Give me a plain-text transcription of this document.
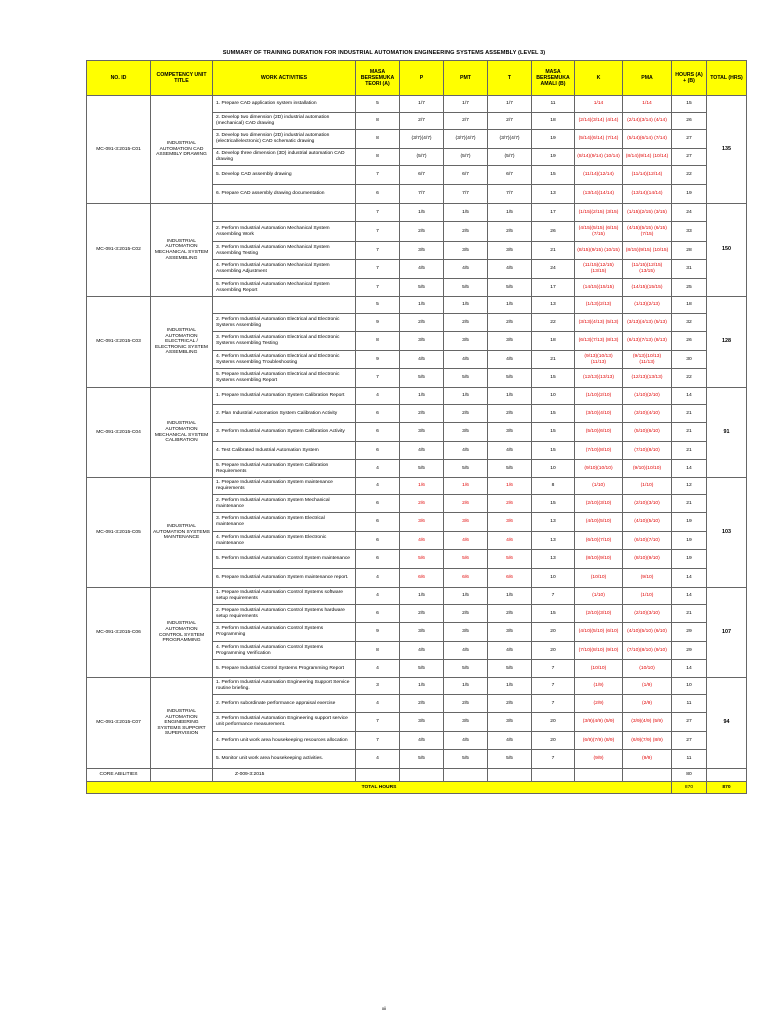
SUMMARY OF TRAINING DURATION FOR INDUSTRIAL AUTOMATION ENGINEERING SYSTEMS ASSEMBLY (LEVEL 3)
NO. ID	COMPETENCY UNIT TITLE	WORK ACTIVITIES	MASA BERSEMUKA TEORI (A)	P	PMT	T	MASA BERSEMUKA AMALI (B)	K	PMA	HOURS (A) + (B)	TOTAL (HRS)
MC-091-3:2015-C01	INDUSTRIAL AUTOMATION CAD ASSEMBLY DRAWING	1. Prepare CAD application system installation	5	1/7	1/7	1/7	11	1/14	1/14	15	135
		2. Develop two dimension (2D) industrial automation (mechanical) CAD drawing	8	2/7	2/7	2/7	18	(2/14)(3/14) (4/14)	(2/14)(3/14) (4/14)	26	
		3. Develop two dimension (2D) industrial automation (electrical/electronic) CAD schematic drawing	8	(3/7)(4/7)	(3/7)(4/7)	(3/7)(4/7)	19	(5/14)(6/14) (7/14)	(5/14)(6/14) (7/14)	27	
		4. Develop three dimension (3D) industrial automation CAD drawing	8	(5/7)	(5/7)	(5/7)	19	(8/14)(9/14) (10/14)	(8/14)(9/14) (10/14)	27	
		5. Develop CAD assembly drawing	7	6/7	6/7	6/7	15	(11/14)(12/14)	(11/14)(12/14)	22	
		6. Prepare CAD assembly drawing documentation	6	7/7	7/7	7/7	13	(13/14)(14/14)	(13/14)(14/14)	19	
MC-091-3:2015-C02	INDUSTRIAL AUTOMATION MECHANICAL SYSTEM ASSEMBLING		7	1/5	1/5	1/5	17	(1/15)(2/15) (3/15)	(1/15)(2/15) (3/15)	24	150
		2. Perform Industrial Automation Mechanical System Assembling Work	7	2/5	2/5	2/5	26	(4/15)(5/15) (6/15)(7/15)	(4/15)(5/15) (6/15)(7/15)	33	
		3. Perform Industrial Automation Mechanical System Assembling Testing	7	3/5	3/5	3/5	21	(8/15)(9/15) (10/15)	(8/15)(9/15) (10/15)	28	
		4. Perform Industrial Automation Mechanical System Assembling Adjustment	7	4/5	4/5	4/5	24	(11/15)(12/15) (13/15)	(11/15)(12/15) (13/15)	31	
		5. Perform Industrial Automation Mechanical System Assembling Report	7	5/5	5/5	5/5	17	(14/15)(15/15)	(14/15)(15/15)	25	
MC-091-3:2015-C03	INDUSTRIAL AUTOMATION ELECTRICAL / ELECTRONIC SYSTEM ASSEMBLING		5	1/5	1/5	1/5	13	(1/13)(2/13)	(1/13)(2/13)	18	128
		2. Perform Industrial Automation Electrical and Electronic Systems Assembling	9	2/5	2/5	2/5	22	(3/13)(4/13) (5/13)	(3/13)(4/13) (5/13)	32	
		3. Perform Industrial Automation Electrical and Electronic Systems Assembling Testing	8	3/5	3/5	3/5	18	(6/13)(7/13) (8/13)	(6/13)(7/13) (8/13)	26	
		4. Perform Industrial Automation Electrical and Electronic Systems Assembling Troubleshooting	9	4/5	4/5	4/5	21	(9/13)(10/13) (11/13)	(9/13)(10/13) (11/13)	30	
		5. Prepare Industrial Automation Electrical and Electronic Systems Assembling Report	7	5/5	5/5	5/5	15	(12/13)(13/13)	(12/13)(13/13)	22	
MC-091-3:2015-C04	INDUSTRIAL AUTOMATION MECHANICAL SYSTEM CALIBRATION	1. Prepare Industrial Automation System Calibration Report	4	1/5	1/5	1/5	10	(1/10)(2/10)	(1/10)(2/10)	14	91
		2. Plan Industrial Automation System Calibration Activity	6	2/5	2/5	2/5	15	(3/10)(4/10)	(3/10)(4/10)	21	
		3. Perform Industrial Automation System Calibration Activity	6	3/5	3/5	3/5	15	(5/10)(6/10)	(5/10)(6/10)	21	
		4. Test Calibrated Industrial Automation System	6	4/5	4/5	4/5	15	(7/10)(8/10)	(7/10)(8/10)	21	
		5. Prepare Industrial Automation System Calibration Requirements	4	5/5	5/5	5/5	10	(9/10)(10/10)	(9/10)(10/10)	14	
MC-091-3:2015-C05	INDUSTRIAL AUTOMATION SYSTEMS MAINTENANCE	1. Prepare Industrial Automation System maintenance requirements	4	1/6	1/6	1/6	8	(1/10)	(1/10)	12	103
		2. Perform Industrial Automation System Mechanical maintenance	6	2/6	2/6	2/6	15	(2/10)(3/10)	(2/10)(3/10)	21	
		3. Perform Industrial Automation System Electrical maintenance	6	3/6	3/6	3/6	13	(4/10)(5/10)	(4/10)(5/10)	19	
		4. Perform Industrial Automation System Electronic maintenance	6	4/6	4/6	4/6	13	(6/10)(7/10)	(6/10)(7/10)	19	
		5. Perform Industrial Automation Control System maintenance	6	5/6	5/6	5/6	13	(8/10)(9/10)	(8/10)(9/10)	19	
		6. Prepare Industrial Automation System maintenance report.	4	6/6	6/6	6/6	10	(10/10)	(9/10)	14	
MC-091-3:2015-C06	INDUSTRIAL AUTOMATION CONTROL SYSTEM PROGRAMMING	1. Prepare Industrial Automation Control Systems software setup requirements	4	1/5	1/5	1/5	7	(1/10)	(1/10)	14	107
		2. Prepare Industrial Automation Control Systems hardware setup requirements	6	2/5	2/5	2/5	15	(2/10)(3/10)	(2/10)(3/10)	21	
		3. Perform Industrial Automation Control Systems Programming	9	3/5	3/5	3/5	20	(4/10)(5/10) (6/10)	(4/10)(5/10) (6/10)	29	
		4. Perform Industrial Automation Control Systems Programming Verification	8	4/5	4/5	4/5	20	(7/10)(8/10) (9/10)	(7/10)(8/10) (9/10)	29	
		5. Prepare Industrial Control Systems Programming Report	4	5/5	5/5	5/5	7	(10/10)	(10/10)	14	
MC-091-3:2015-C07	INDUSTRIAL AUTOMATION ENGINEERING SYSTEMS SUPPORT SUPERVISION	1. Perform Industrial Automation Engineering Support Service routine briefing.	3	1/5	1/5	1/5	7	(1/9)	(1/9)	10	94
		2. Perform subordinate performance appraisal exercise	4	2/5	2/5	2/5	7	(2/9)	(2/9)	11	
		3. Perform Industrial Automation Engineering support service unit performance measurement.	7	3/5	3/5	3/5	20	(3/9)(4/9) (5/9)	(3/9)(4/9) (5/9)	27	
		4. Perform unit work area housekeeping resources allocation	7	4/5	4/5	4/5	20	(6/9)(7/9) (8/9)	(6/9)(7/9) (8/9)	27	
		5. Monitor unit work area housekeeping activities.	4	5/5	5/5	5/5	7	(9/9)	(9/9)	11	
CORE ABILITIES		Z-009-3:2015								80	
TOTAL HOURS										870	870
xii
